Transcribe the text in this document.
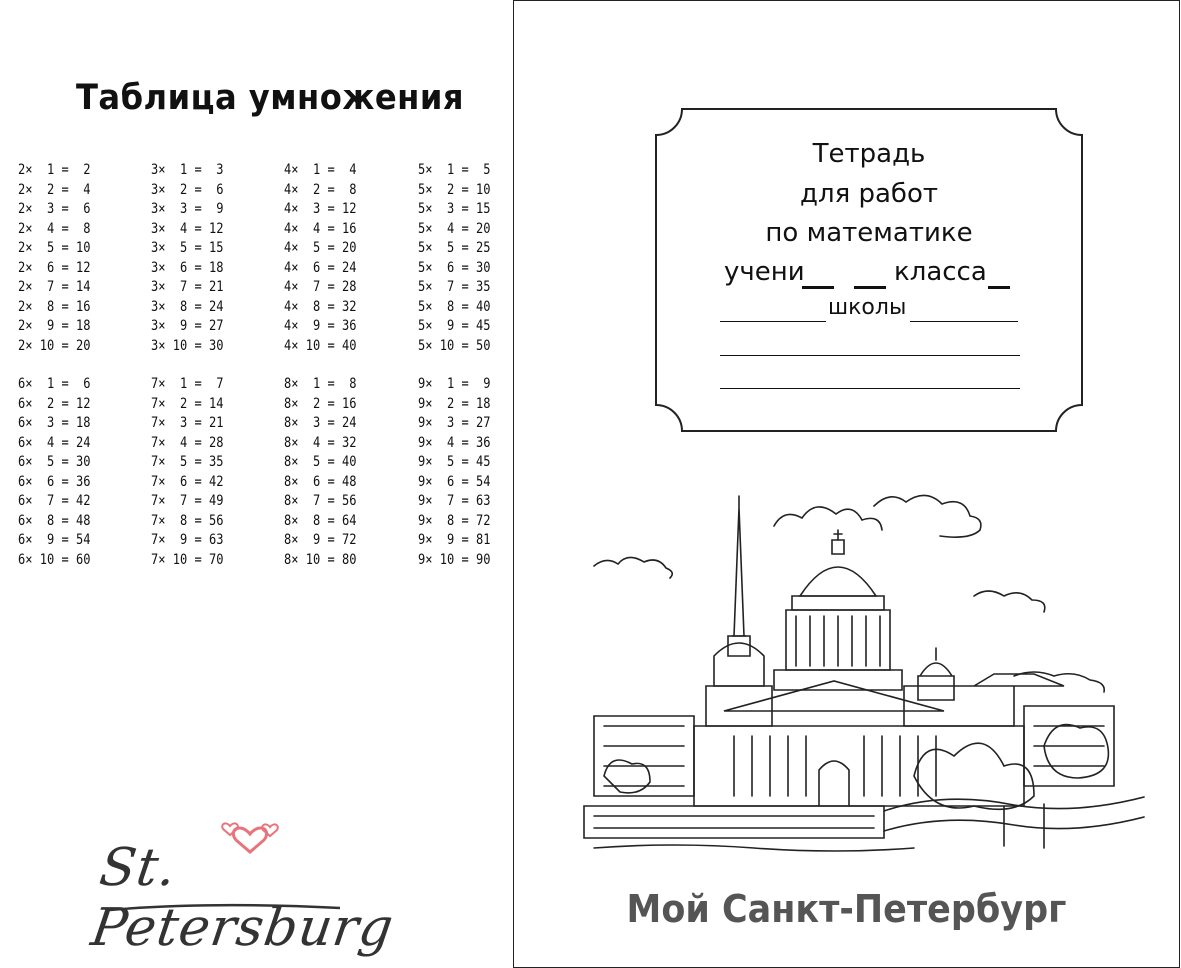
Таблица умножения
2×  1 =  2
2×  2 =  4
2×  3 =  6
2×  4 =  8
2×  5 = 10
2×  6 = 12
2×  7 = 14
2×  8 = 16
2×  9 = 18
2× 10 = 20
3×  1 =  3
3×  2 =  6
3×  3 =  9
3×  4 = 12
3×  5 = 15
3×  6 = 18
3×  7 = 21
3×  8 = 24
3×  9 = 27
3× 10 = 30
4×  1 =  4
4×  2 =  8
4×  3 = 12
4×  4 = 16
4×  5 = 20
4×  6 = 24
4×  7 = 28
4×  8 = 32
4×  9 = 36
4× 10 = 40
5×  1 =  5
5×  2 = 10
5×  3 = 15
5×  4 = 20
5×  5 = 25
5×  6 = 30
5×  7 = 35
5×  8 = 40
5×  9 = 45
5× 10 = 50
6×  1 =  6
6×  2 = 12
6×  3 = 18
6×  4 = 24
6×  5 = 30
6×  6 = 36
6×  7 = 42
6×  8 = 48
6×  9 = 54
6× 10 = 60
7×  1 =  7
7×  2 = 14
7×  3 = 21
7×  4 = 28
7×  5 = 35
7×  6 = 42
7×  7 = 49
7×  8 = 56
7×  9 = 63
7× 10 = 70
8×  1 =  8
8×  2 = 16
8×  3 = 24
8×  4 = 32
8×  5 = 40
8×  6 = 48
8×  7 = 56
8×  8 = 64
8×  9 = 72
8× 10 = 80
9×  1 =  9
9×  2 = 18
9×  3 = 27
9×  4 = 36
9×  5 = 45
9×  6 = 54
9×  7 = 63
9×  8 = 72
9×  9 = 81
9× 10 = 90
St. Petersburg
Тетрадь
для работ
по математике
учени	класса
школы
Мой Санкт-Петербург
